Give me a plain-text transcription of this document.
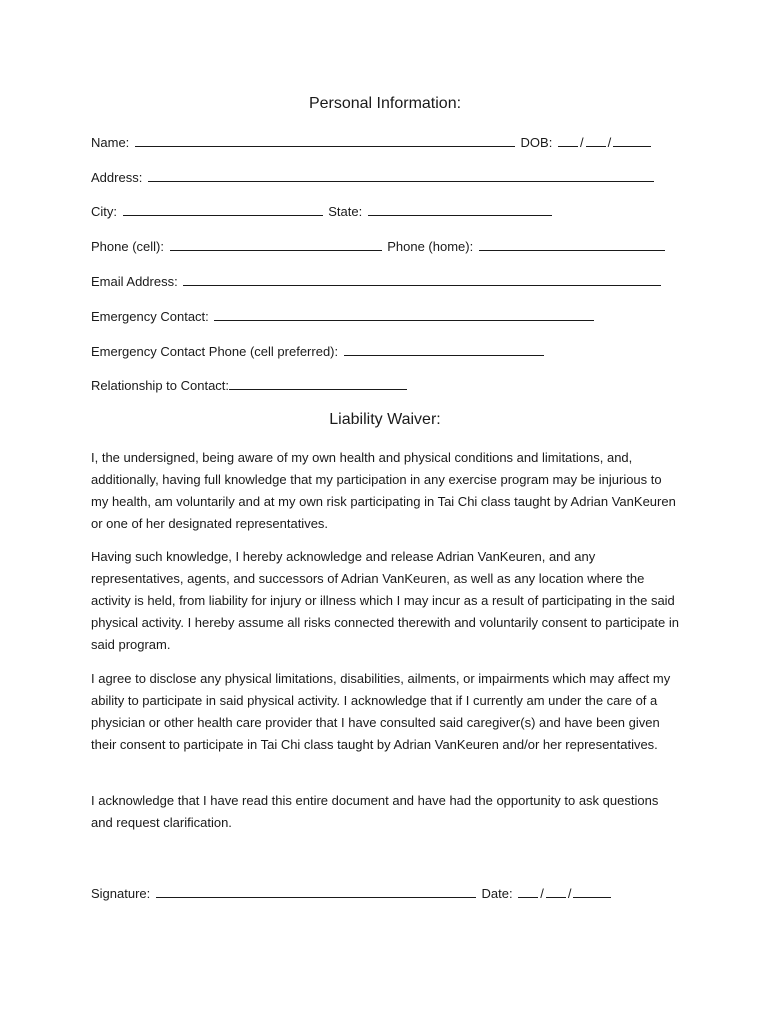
Personal Information:
Name:	DOB: / /
Address:
City:	State:
Phone (cell):	Phone (home):
Email Address:
Emergency Contact:
Emergency Contact Phone (cell preferred):
Relationship to Contact:
Liability Waiver:

I, the undersigned, being aware of my own health and physical conditions and limitations, and, additionally, having full knowledge that my participation in any exercise program may be injurious to my health, am voluntarily and at my own risk participating in Tai Chi class taught by Adrian VanKeuren or one of her designated representatives.

Having such knowledge, I hereby acknowledge and release Adrian VanKeuren, and any representatives, agents, and successors of Adrian VanKeuren, as well as any location where the activity is held, from liability for injury or illness which I may incur as a result of participating in the said physical activity. I hereby assume all risks connected therewith and voluntarily consent to participate in said program.

I agree to disclose any physical limitations, disabilities, ailments, or impairments which may affect my ability to participate in said physical activity. I acknowledge that if I currently am under the care of a physician or other health care provider that I have consulted said caregiver(s) and have been given their consent to participate in Tai Chi class taught by Adrian VanKeuren and/or her representatives.

I acknowledge that I have read this entire document and have had the opportunity to ask questions and request clarification.

Signature:	Date: / /
